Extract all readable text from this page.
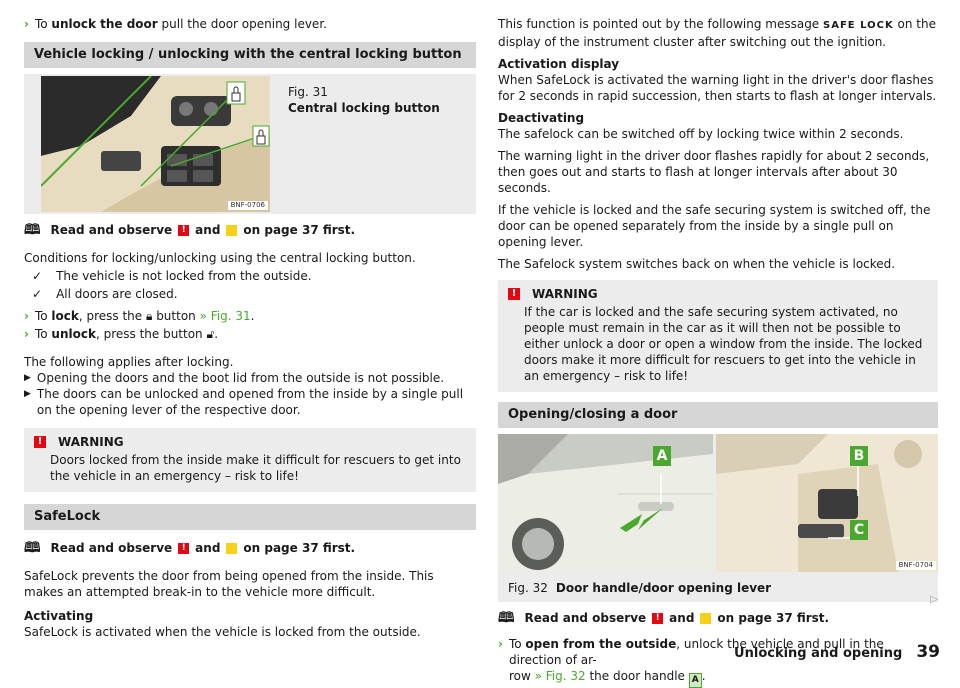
› To unlock the door pull the door opening lever.

Vehicle locking / unlocking with the central locking button
BNF-0706

Fig. 31

Central locking button

🕮 Read and observe	! and on page 37 first.

Conditions for locking/unlocking using the central locking button.

✓ The vehicle is not locked from the outside.
✓ All doors are closed.
› To lock, press the 🔒︎ button » Fig. 31.

› To unlock, press the button 🔓︎.

The following applies after locking.

▶ Opening the doors and the boot lid from the outside is not possible.
▶ The doors can be unlocked and opened from the inside by a single pull on the opening lever of the respective door.
!	WARNING

Doors locked from the inside make it difficult for rescuers to get into the vehicle in an emergency – risk to life!

SafeLock
🕮 Read and observe	! and on page 37 first.

SafeLock prevents the door from being opened from the inside. This makes an attempted break-in to the vehicle more difficult.

Activating

SafeLock is activated when the vehicle is locked from the outside.

This function is pointed out by the following message SAFE LOCK on the display of the instrument cluster after switching out the ignition.

Activation display

When SafeLock is activated the warning light in the driver's door flashes for 2 seconds in rapid succession, then starts to flash at longer intervals.

Deactivating

The safelock can be switched off by locking twice within 2 seconds.

The warning light in the driver door flashes rapidly for about 2 seconds, then goes out and starts to flash at longer intervals after about 30 seconds.

If the vehicle is locked and the safe securing system is switched off, the door can be opened separately from the inside by a single pull on opening lever.

The Safelock system switches back on when the vehicle is locked.

!	WARNING

If the car is locked and the safe securing system activated, no people must remain in the car as it will then not be possible to either unlock a door or open a window from the inside. The locked doors make it more difficult for rescuers to get into the vehicle in an emergency – risk to life!

Opening/closing a door
A	B
C
BNF-0704
Fig. 32 Door handle/door opening lever
🕮 Read and observe	! and on page 37 first.
› To open from the outside, unlock the vehicle and pull in the direction of ar-
row » Fig. 32 the door handle A .

▷
Unlocking and opening 39
